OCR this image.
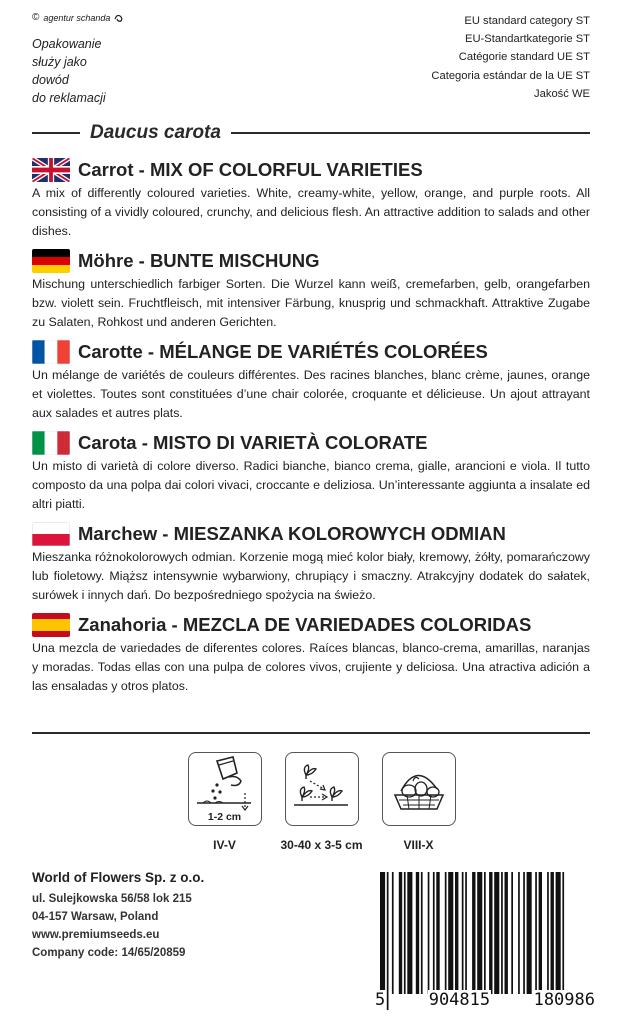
© agentur schanda
Opakowanie
służy jako
dowód
do reklamacji
EU standard category ST
EU-Standartkategorie ST
Catégorie standard UE ST
Categoria estándar de la UE ST
Jakość WE
Daucus carota
Carrot - MIX OF COLORFUL VARIETIES
A mix of differently coloured varieties. White, creamy-white, yellow, orange, and purple roots. All consisting of a vividly coloured, crunchy, and delicious flesh. An attractive addition to salads and other dishes.
Möhre - BUNTE MISCHUNG
Mischung unterschiedlich farbiger Sorten. Die Wurzel kann weiß, cremefarben, gelb, orangefarben bzw. violett sein. Fruchtfleisch, mit intensiver Färbung, knusprig und schmackhaft. Attraktive Zugabe zu Salaten, Rohkost und anderen Gerichten.
Carotte - MÉLANGE DE VARIÉTÉS COLORÉES
Un mélange de variétés de couleurs différentes. Des racines blanches, blanc crème, jaunes, orange et violettes. Toutes sont constituées d’une chair colorée, croquante et délicieuse. Un ajout attrayant aux salades et autres plats.
Carota - MISTO DI VARIETÀ COLORATE
Un misto di varietà di colore diverso. Radici bianche, bianco crema, gialle, arancioni e viola. Il tutto composto da una polpa dai colori vivaci, croccante e deliziosa. Un’interessante aggiunta a insalate ed altri piatti.
Marchew - MIESZANKA KOLOROWYCH ODMIAN
Mieszanka różnokolorowych odmian. Korzenie mogą mieć kolor biały, kremowy, żółty, pomarańczowy lub fioletowy. Miąższ intensywnie wybarwiony, chrupiący i smaczny. Atrakcyjny dodatek do sałatek, surówek i innych dań. Do bezpośredniego spożycia na świeżo.
Zanahoria - MEZCLA DE VARIEDADES COLORIDAS
Una mezcla de variedades de diferentes colores. Raíces blancas, blanco-crema, amarillas, naranjas y moradas. Todas ellas con una pulpa de colores vivos, crujiente y deliciosa. Una atractiva adición a las ensaladas y otros platos.
1-2 cm
IV-V	30-40 x 3-5 cm	VIII-X
World of Flowers Sp. z o.o.
ul. Sulejkowska 56/58 lok 215
04-157 Warsaw, Poland
www.premiumseeds.eu
Company code: 14/65/20859
5	904815	180986
